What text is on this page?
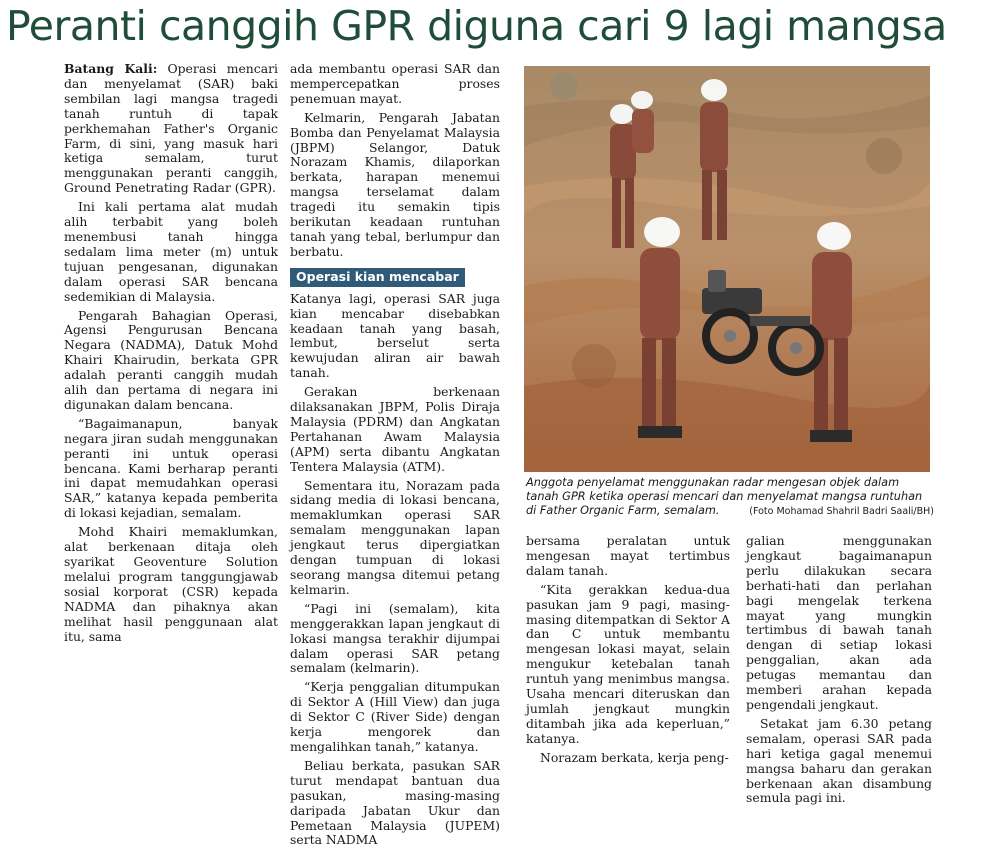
Peranti canggih GPR diguna cari 9 lagi mangsa

Batang Kali: Operasi mencari dan menyelamat (SAR) baki sembilan lagi mangsa tragedi tanah runtuh di tapak perkhemahan Father's Organic Farm, di sini, yang masuk hari ketiga semalam, turut menggunakan peranti canggih, Ground Penetrating Radar (GPR).

Ini kali pertama alat mudah alih terbabit yang boleh menembusi tanah hingga sedalam lima meter (m) untuk tujuan pengesanan, digunakan dalam operasi SAR bencana sedemikian di Malaysia.

Pengarah Bahagian Operasi, Agensi Pengurusan Bencana Negara (NADMA), Datuk Mohd Khairi Khairudin, berkata GPR adalah peranti canggih mudah alih dan pertama di negara ini digunakan dalam bencana.

“Bagaimanapun, banyak negara jiran sudah menggunakan peranti ini untuk operasi bencana. Kami berharap peranti ini dapat memudahkan operasi SAR,” katanya kepada pemberita di lokasi kejadian, semalam.

Mohd Khairi memaklumkan, alat berkenaan ditaja oleh syarikat Geoventure Solution melalui program tanggungjawab sosial korporat (CSR) kepada NADMA dan pihaknya akan melihat hasil penggunaan alat itu, sama

ada membantu operasi SAR dan mempercepatkan proses penemuan mayat.

Kelmarin, Pengarah Jabatan Bomba dan Penyelamat Malaysia (JBPM) Selangor, Datuk Norazam Khamis, dilaporkan berkata, harapan menemui mangsa terselamat dalam tragedi itu semakin tipis berikutan keadaan runtuhan tanah yang tebal, berlumpur dan berbatu.

Operasi kian mencabar

Katanya lagi, operasi SAR juga kian mencabar disebabkan keadaan tanah yang basah, lembut, berselut serta kewujudan aliran air bawah tanah.

Gerakan berkenaan dilaksanakan JBPM, Polis Diraja Malaysia (PDRM) dan Angkatan Pertahanan Awam Malaysia (APM) serta dibantu Angkatan Tentera Malaysia (ATM).

Sementara itu, Norazam pada sidang media di lokasi bencana, memaklumkan operasi SAR semalam menggunakan lapan jengkaut terus dipergiatkan dengan tumpuan di lokasi seorang mangsa ditemui petang kelmarin.

“Pagi ini (semalam), kita menggerakkan lapan jengkaut di lokasi mangsa terakhir dijumpai dalam operasi SAR petang semalam (kelmarin).

“Kerja penggalian ditumpukan di Sektor A (Hill View) dan juga di Sektor C (River Side) dengan kerja mengorek dan mengalihkan tanah,” katanya.

Beliau berkata, pasukan SAR turut mendapat bantuan dua pasukan, masing-masing daripada Jabatan Ukur dan Pemetaan Malaysia (JUPEM) serta NADMA

Anggota penyelamat menggunakan radar mengesan objek dalam tanah GPR ketika operasi mencari dan menyelamat mangsa runtuhan di Father Organic Farm, semalam.	(Foto Mohamad Shahril Badri Saali/BH)

bersama peralatan untuk mengesan mayat tertimbus dalam tanah.

“Kita gerakkan kedua-dua pasukan jam 9 pagi, masing-masing ditempatkan di Sektor A dan C untuk membantu mengesan lokasi mayat, selain mengukur ketebalan tanah runtuh yang menimbus mangsa. Usaha mencari diteruskan dan jumlah jengkaut mungkin ditambah jika ada keperluan,” katanya.

Norazam berkata, kerja peng-

galian menggunakan jengkaut bagaimanapun perlu dilakukan secara berhati-hati dan perlahan bagi mengelak terkena mayat yang mungkin tertimbus di bawah tanah dengan di setiap lokasi penggalian, akan ada petugas memantau dan memberi arahan kepada pengendali jengkaut.

Setakat jam 6.30 petang semalam, operasi SAR pada hari ketiga gagal menemui mangsa baharu dan gerakan berkenaan akan disambung semula pagi ini.
